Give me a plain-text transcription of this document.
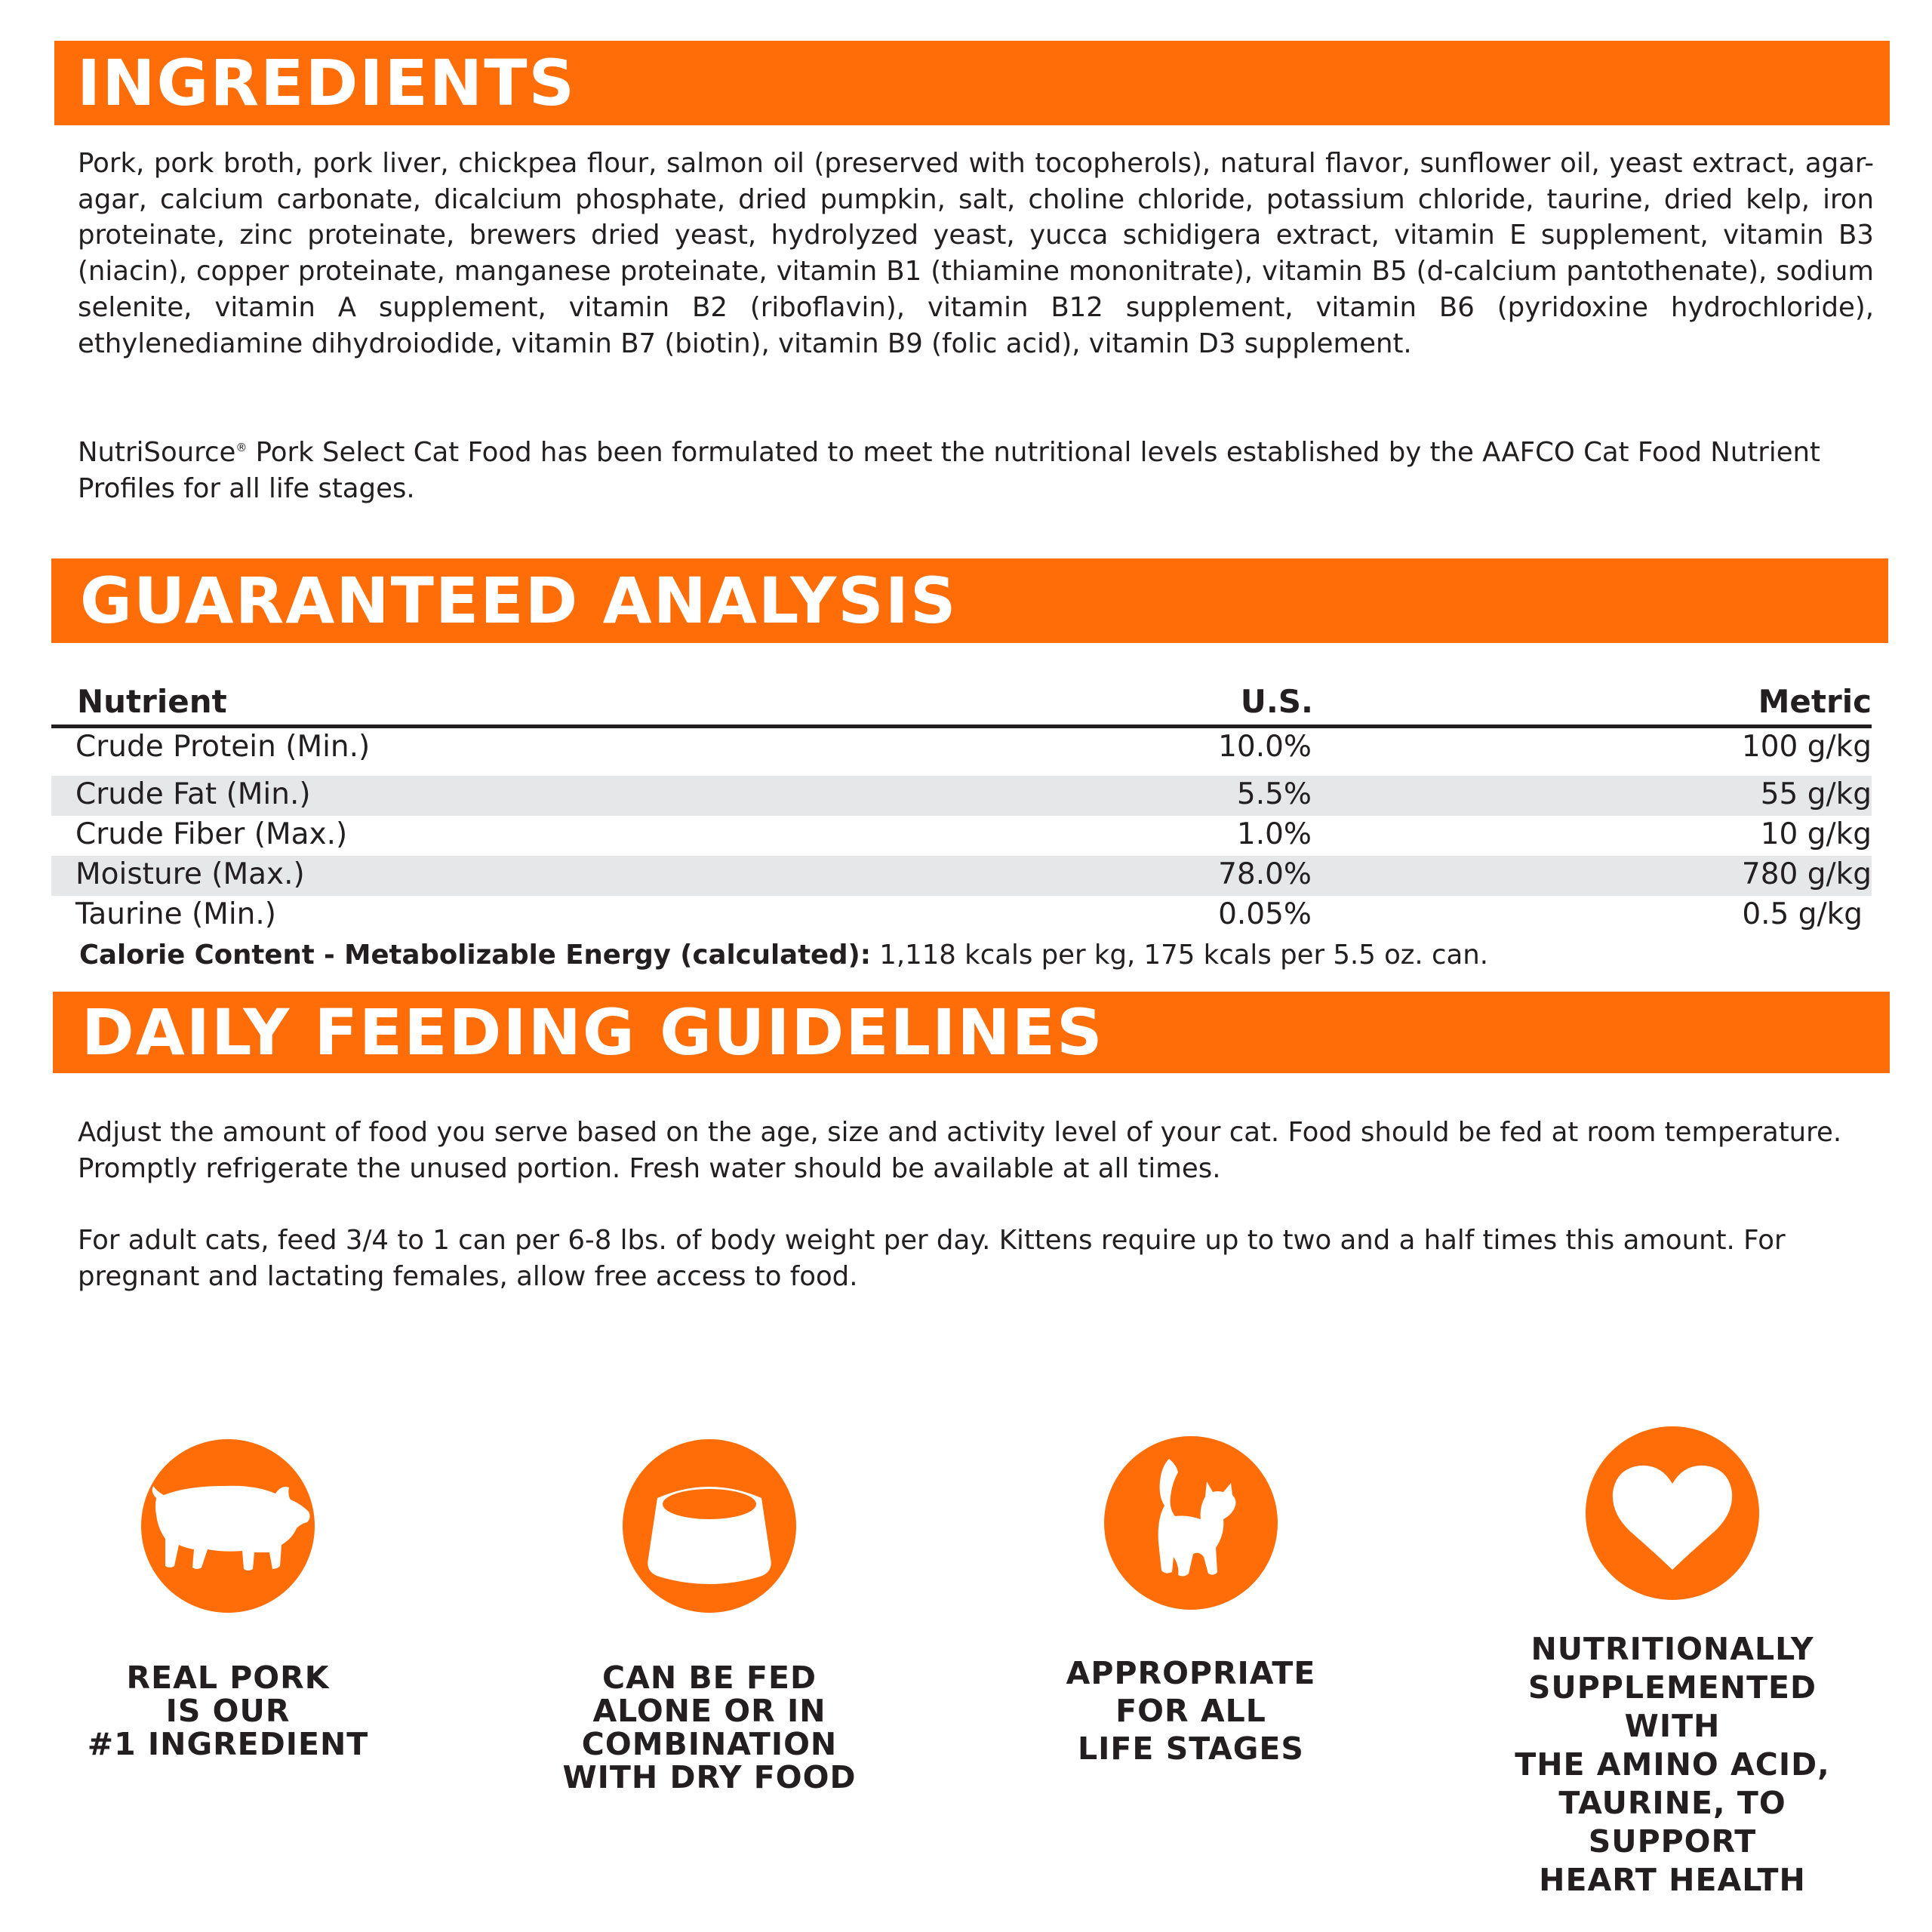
INGREDIENTS

Pork, pork broth, pork liver, chickpea flour, salmon oil (preserved with tocopherols), natural flavor, sunflower oil, yeast extract, agar-agar, calcium carbonate, dicalcium phosphate, dried pumpkin, salt, choline chloride, potassium chloride, taurine, dried kelp, iron proteinate, zinc proteinate, brewers dried yeast, hydrolyzed yeast, yucca schidigera extract, vitamin E supplement, vitamin B3 (niacin), copper proteinate, manganese proteinate, vitamin B1 (thiamine mononitrate), vitamin B5 (d-calcium pantothenate), sodium selenite, vitamin A supplement, vitamin B2 (riboflavin), vitamin B12 supplement, vitamin B6 (pyridoxine hydrochloride), ethylenediamine dihydroiodide, vitamin B7 (biotin), vitamin B9 (folic acid), vitamin D3 supplement.

NutriSource® Pork Select Cat Food has been formulated to meet the nutritional levels established by the AAFCO Cat Food Nutrient Profiles for all life stages.

GUARANTEED ANALYSIS
Nutrient	U.S.	Metric
Crude Protein (Min.)	10.0%	100 g/kg
Crude Fat (Min.)	5.5%	55 g/kg
Crude Fiber (Max.)	1.0%	10 g/kg
Moisture (Max.)	78.0%	780 g/kg
Taurine (Min.)	0.05%	0.5 g/kg
Calorie Content - Metabolizable Energy (calculated): 1,118 kcals per kg, 175 kcals per 5.5 oz. can.
DAILY FEEDING GUIDELINES

Adjust the amount of food you serve based on the age, size and activity level of your cat. Food should be fed at room temperature. Promptly refrigerate the unused portion. Fresh water should be available at all times.

For adult cats, feed 3/4 to 1 can per 6-8 lbs. of body weight per day. Kittens require up to two and a half times this amount. For pregnant and lactating females, allow free access to food.

REAL PORK
IS OUR
#1 INGREDIENT
CAN BE FED
ALONE OR IN
COMBINATION
WITH DRY FOOD
APPROPRIATE
FOR ALL
LIFE STAGES
NUTRITIONALLY
SUPPLEMENTED WITH
THE AMINO ACID,
TAURINE, TO SUPPORT
HEART HEALTH
